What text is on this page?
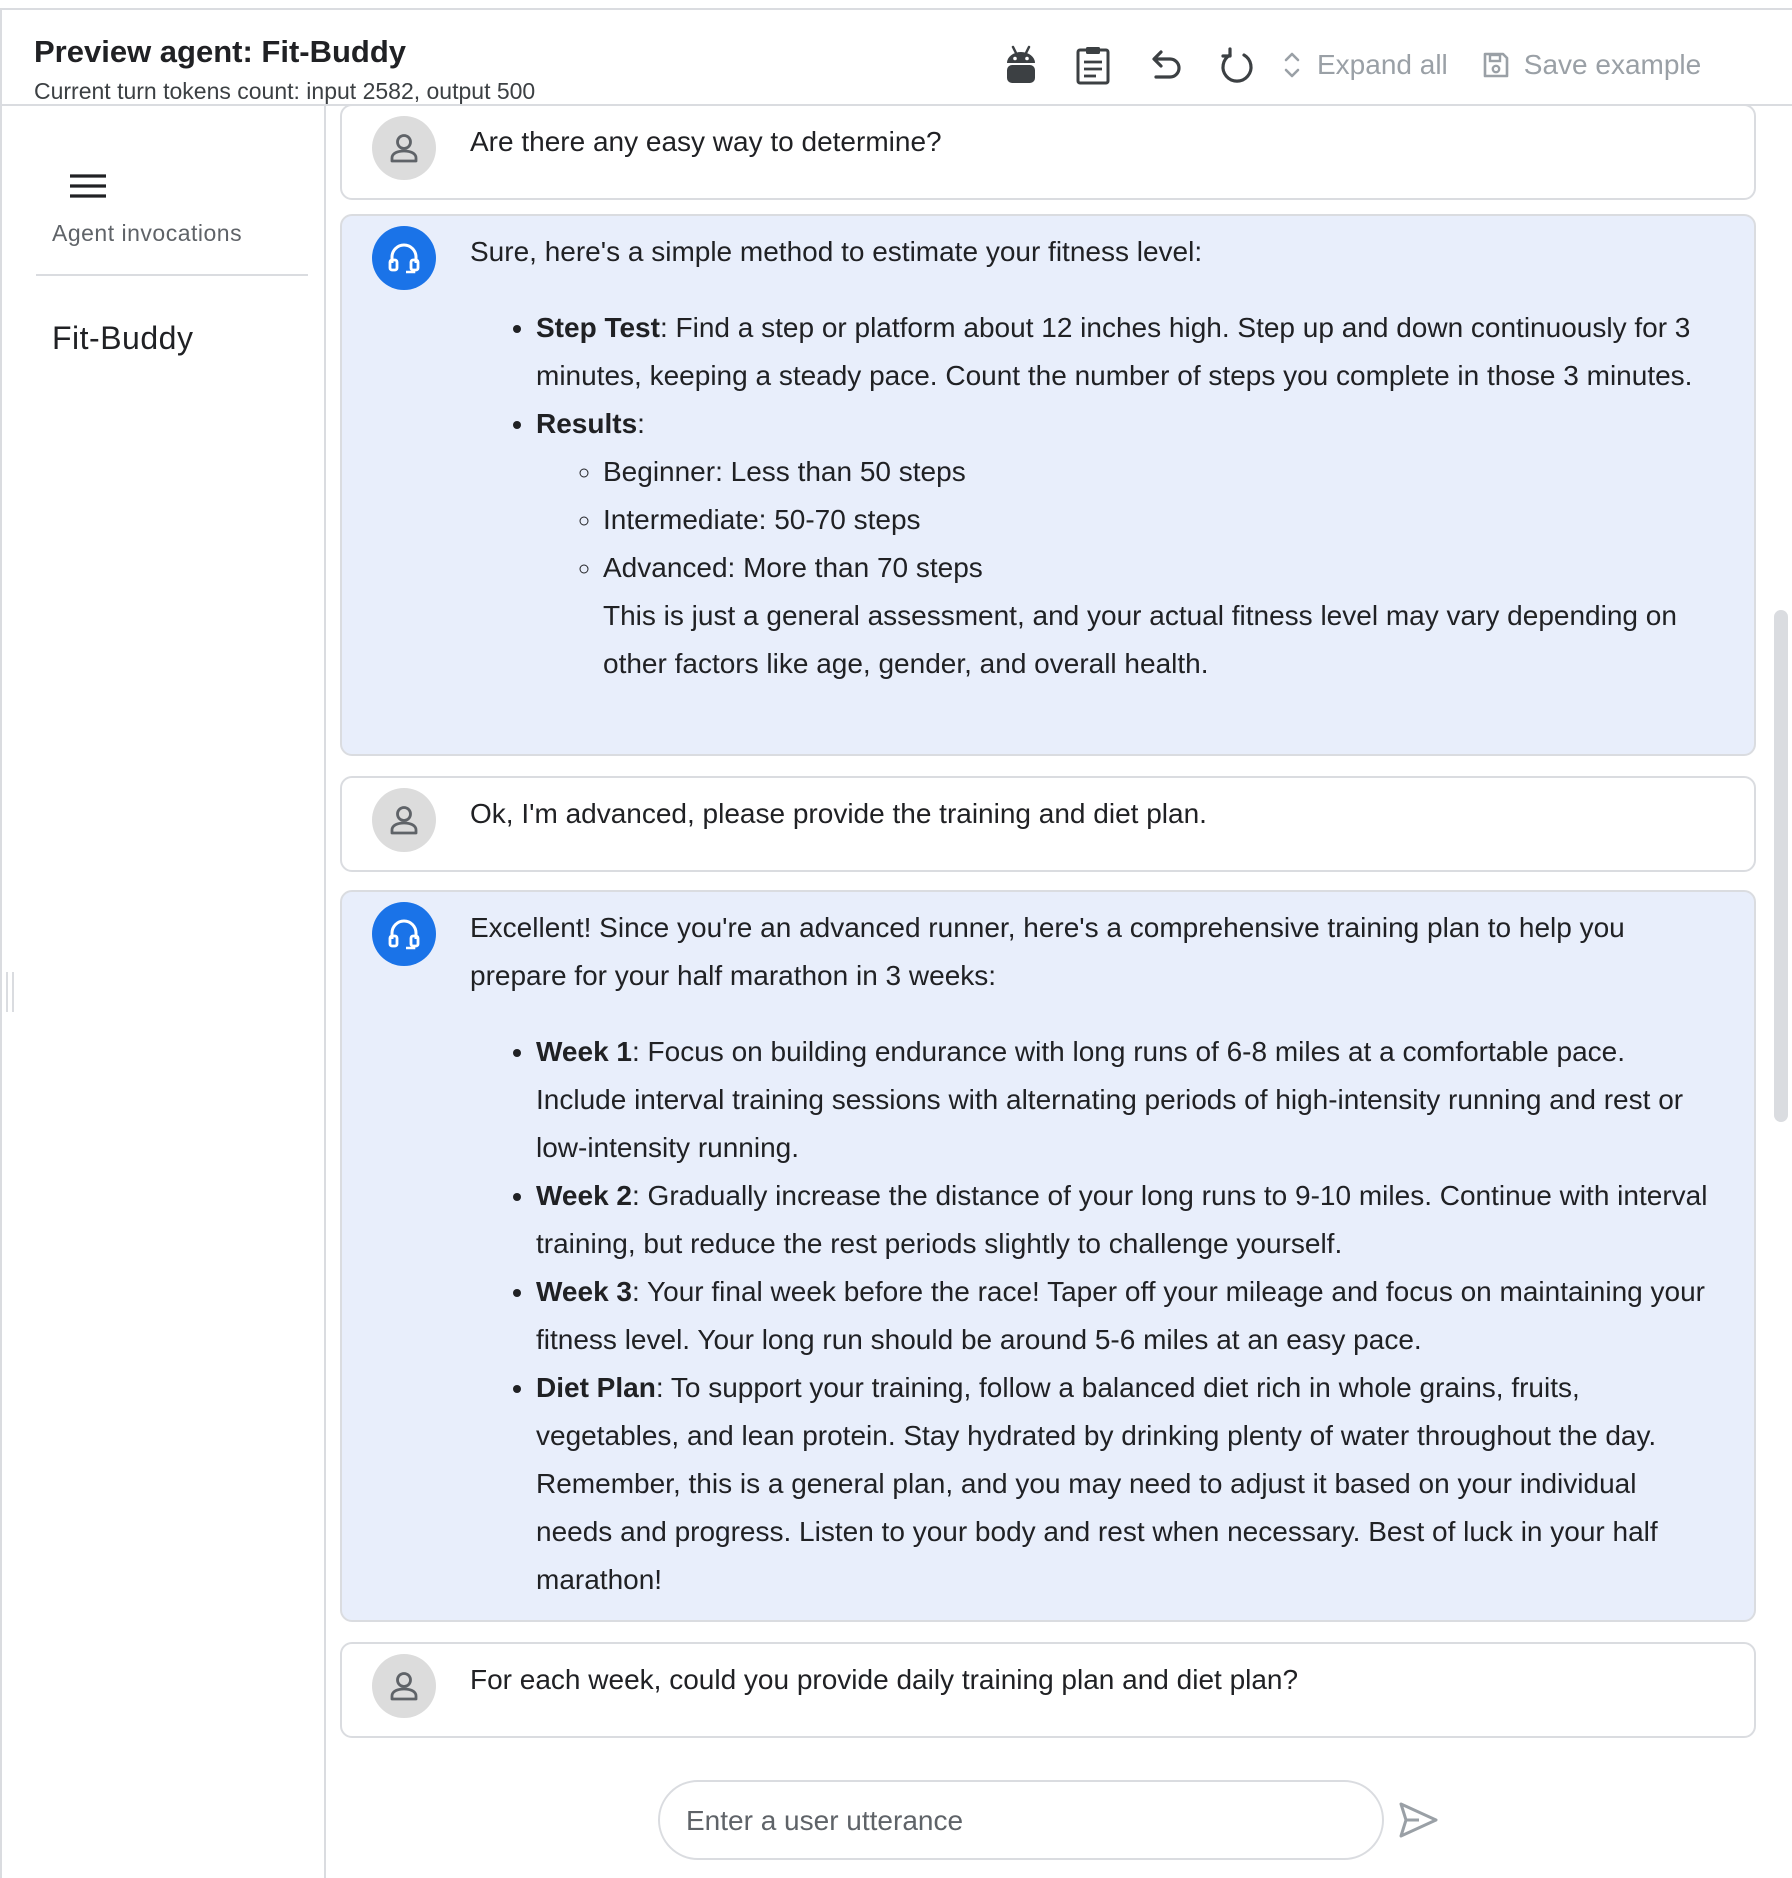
Preview agent: Fit-Buddy
Current turn tokens count: input 2582, output 500
Expand all	Save example
Agent invocations
Fit-Buddy
Are there any easy way to determine?

Sure, here's a simple method to estimate your fitness level:

• Step Test: Find a step or platform about 12 inches high. Step up and down continuously for 3 minutes, keeping a steady pace. Count the number of steps you complete in those 3 minutes.
• Results:
◦ Beginner: Less than 50 steps
◦ Intermediate: 50-70 steps
◦ Advanced: More than 70 steps
This is just a general assessment, and your actual fitness level may vary depending on other factors like age, gender, and overall health.
Ok, I'm advanced, please provide the training and diet plan.

Excellent! Since you're an advanced runner, here's a comprehensive training plan to help you prepare for your half marathon in 3 weeks:

• Week 1: Focus on building endurance with long runs of 6-8 miles at a comfortable pace. Include interval training sessions with alternating periods of high-intensity running and rest or low-intensity running.
• Week 2: Gradually increase the distance of your long runs to 9-10 miles. Continue with interval training, but reduce the rest periods slightly to challenge yourself.
• Week 3: Your final week before the race! Taper off your mileage and focus on maintaining your fitness level. Your long run should be around 5-6 miles at an easy pace.
• Diet Plan: To support your training, follow a balanced diet rich in whole grains, fruits, vegetables, and lean protein. Stay hydrated by drinking plenty of water throughout the day. Remember, this is a general plan, and you may need to adjust it based on your individual needs and progress. Listen to your body and rest when necessary. Best of luck in your half marathon!
For each week, could you provide daily training plan and diet plan?
Enter a user utterance
